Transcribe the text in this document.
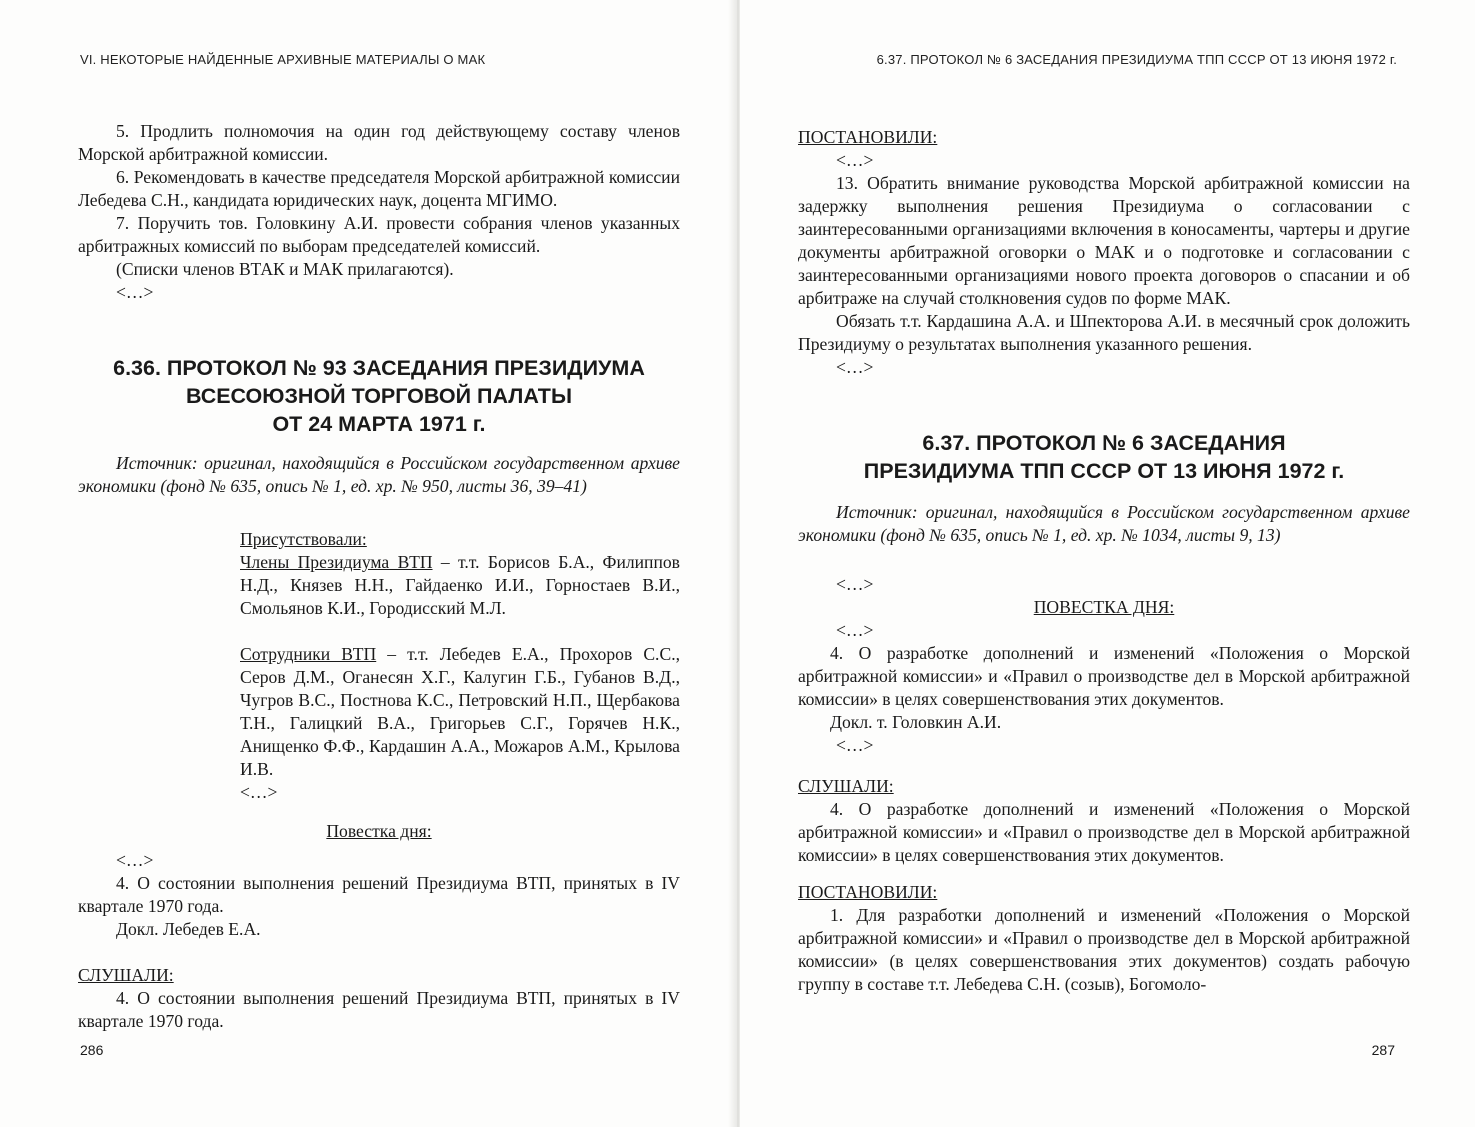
VI. НЕКОТОРЫЕ НАЙДЕННЫЕ АРХИВНЫЕ МАТЕРИАЛЫ О МАК

5. Продлить полномочия на один год действующему составу членов Морской арбитражной комиссии.

6. Рекомендовать в качестве председателя Морской арбитражной комиссии Лебедева С.Н., кандидата юридических наук, доцента МГИМО.

7. Поручить тов. Головкину А.И. провести собрания членов указанных арбитражных комиссий по выборам председателей комиссий.

(Списки членов ВТАК и МАК прилагаются).

<…>

6.36. ПРОТОКОЛ № 93 ЗАСЕДАНИЯ ПРЕЗИДИУМА
ВСЕСОЮЗНОЙ ТОРГОВОЙ ПАЛАТЫ
ОТ 24 МАРТА 1971 г.

Источник: оригинал, находящийся в Российском государственном архиве экономики (фонд № 635, опись № 1, ед. хр. № 950, листы 36, 39–41)

Присутствовали:

Члены Президиума ВТП – т.т. Борисов Б.А., Филиппов Н.Д., Князев Н.Н., Гайдаенко И.И., Горностаев В.И., Смольянов К.И., Городисский М.Л.

Сотрудники ВТП – т.т. Лебедев Е.А., Прохоров С.С., Серов Д.М., Оганесян Х.Г., Калугин Г.Б., Губанов В.Д., Чугров В.С., Постнова К.С., Петровский Н.П., Щербакова Т.Н., Галицкий В.А., Григорьев С.Г., Горячев Н.К., Анищенко Ф.Ф., Кардашин А.А., Можаров А.М., Крылова И.В.

<…>

Повестка дня:

<…>

4. О состоянии выполнения решений Президиума ВТП, принятых в IV квартале 1970 года.

Докл. Лебедев Е.А.

СЛУШАЛИ:

4. О состоянии выполнения решений Президиума ВТП, принятых в IV квартале 1970 года.

286
6.37. ПРОТОКОЛ № 6 ЗАСЕДАНИЯ ПРЕЗИДИУМА ТПП СССР ОТ 13 ИЮНЯ 1972 г.

ПОСТАНОВИЛИ:

<…>

13. Обратить внимание руководства Морской арбитражной комиссии на задержку выполнения решения Президиума о согласовании с заинтересованными организациями включения в коносаменты, чартеры и другие документы арбитражной оговорки о МАК и о подготовке и согласовании с заинтересованными организациями нового проекта договоров о спасании и об арбитраже на случай столкновения судов по форме МАК.

Обязать т.т. Кардашина А.А. и Шпекторова А.И. в месячный срок доложить Президиуму о результатах выполнения указанного решения.

<…>

6.37. ПРОТОКОЛ № 6 ЗАСЕДАНИЯ
ПРЕЗИДИУМА ТПП СССР ОТ 13 ИЮНЯ 1972 г.

Источник: оригинал, находящийся в Российском государственном архиве экономики (фонд № 635, опись № 1, ед. хр. № 1034, листы 9, 13)

<…>

ПОВЕСТКА ДНЯ:

<…>

4. О разработке дополнений и изменений «Положения о Морской арбитражной комиссии» и «Правил о производстве дел в Морской арбитражной комиссии» в целях совершенствования этих документов.

Докл. т. Головкин А.И.

<…>

СЛУШАЛИ:

4. О разработке дополнений и изменений «Положения о Морской арбитражной комиссии» и «Правил о производстве дел в Морской арбитражной комиссии» в целях совершенствования этих документов.

ПОСТАНОВИЛИ:

1. Для разработки дополнений и изменений «Положения о Морской арбитражной комиссии» и «Правил о производстве дел в Морской арбитражной комиссии» (в целях совершенствования этих документов) создать рабочую группу в составе т.т. Лебедева С.Н. (созыв), Богомоло-

287
